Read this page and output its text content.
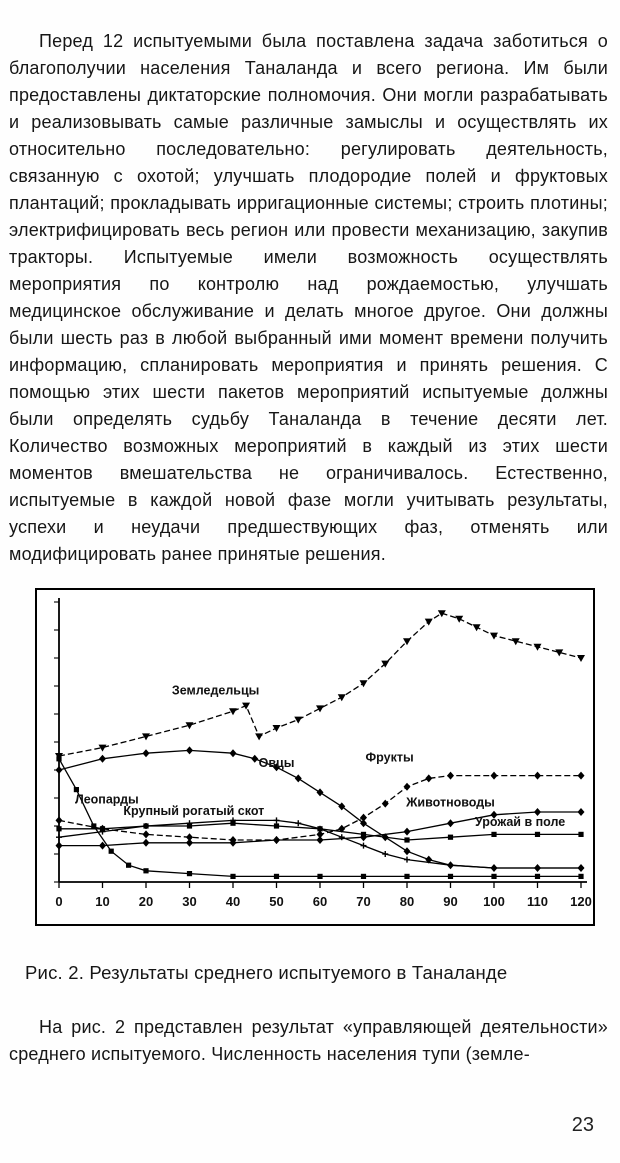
Перед 12 испытуемыми была поставлена задача заботиться о благополучии населения Таналанда и всего региона. Им были предоставлены диктаторские полномочия. Они могли разрабатывать и реализовывать самые различные замыслы и осуществлять их относительно последовательно: регулировать деятельность, связанную с охотой; улучшать плодородие полей и фруктовых плантаций; прокладывать ирригационные системы; строить плотины; электрифицировать весь регион или провести механизацию, закупив тракторы. Испытуемые имели возможность осуществлять мероприятия по контролю над рождаемостью, улучшать медицинское обслуживание и делать многое другое. Они должны были шесть раз в любой выбранный ими момент времени получить информацию, спланировать мероприятия и принять решения. С помощью этих шести пакетов мероприятий испытуемые должны были определять судьбу Таналанда в течение десяти лет. Количество возможных мероприятий в каждый из этих шести моментов вмешательства не ограничивалось. Естественно, испытуемые в каждой новой фазе могли учитывать результаты, успехи и неудачи предшествующих фаз, отменять или модифицировать ранее принятые решения.

0	10 20 30 40 50 60 70 80 90 100 110 120
Земледельцы
Овцы	Фрукты
Леопарды
Крупный рогатый скот
Животноводы
Урожай в поле

Рис. 2. Результаты среднего испытуемого в Таналанде

На рис. 2 представлен результат «управляющей деятельности» среднего испытуемого. Численность населения тупи (земле-

23
